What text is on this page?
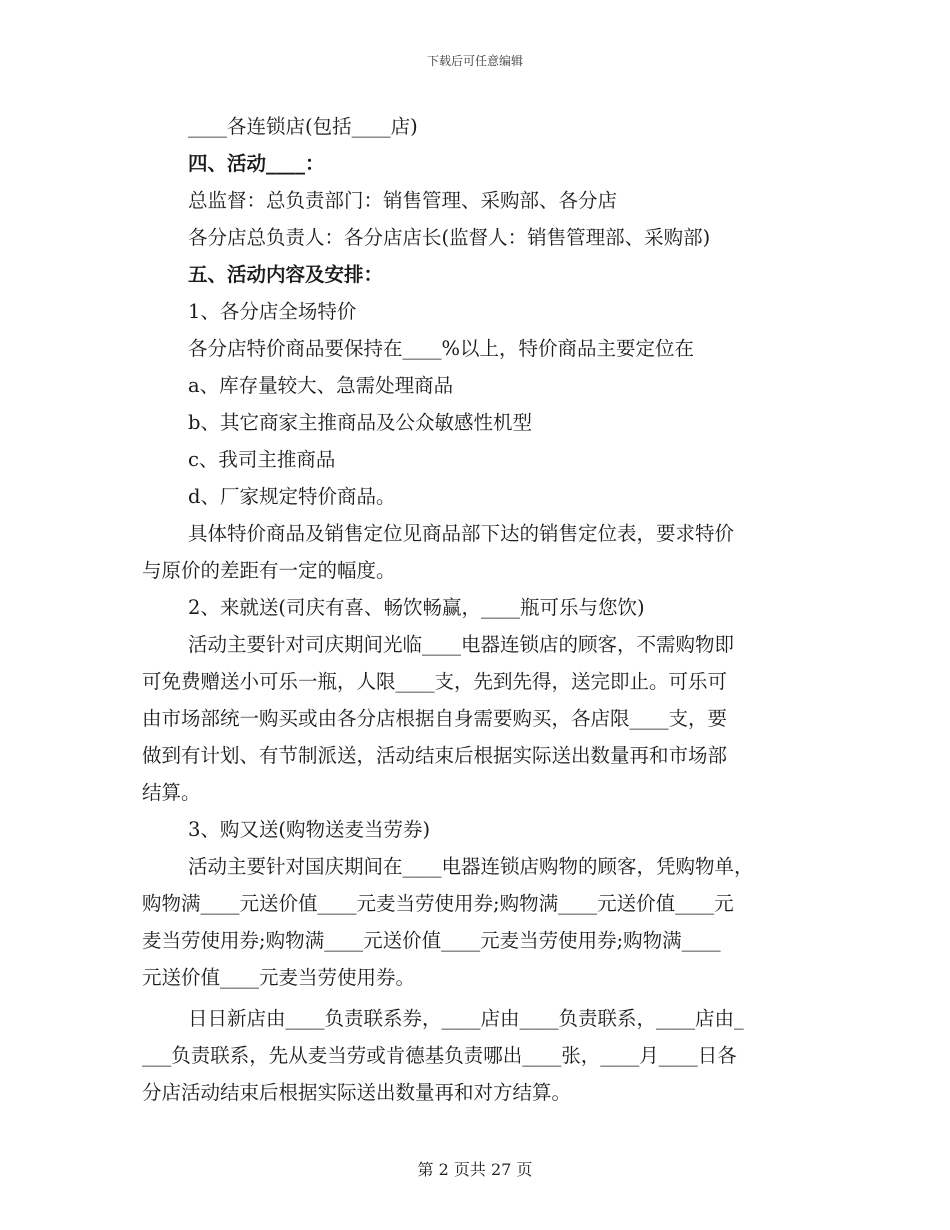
下载后可任意编辑
____各连锁店(包括____店)
四、活动____：
总监督：总负责部门：销售管理、采购部、各分店
各分店总负责人：各分店店长(监督人：销售管理部、采购部)
五、活动内容及安排：
1、各分店全场特价
各分店特价商品要保持在____%以上，特价商品主要定位在
a、库存量较大、急需处理商品
b、其它商家主推商品及公众敏感性机型
c、我司主推商品
d、厂家规定特价商品。
具体特价商品及销售定位见商品部下达的销售定位表，要求特价
与原价的差距有一定的幅度。
2、来就送(司庆有喜、畅饮畅赢，____瓶可乐与您饮)
活动主要针对司庆期间光临____电器连锁店的顾客，不需购物即
可免费赠送小可乐一瓶，人限____支，先到先得，送完即止。可乐可
由市场部统一购买或由各分店根据自身需要购买，各店限____支，要
做到有计划、有节制派送，活动结束后根据实际送出数量再和市场部
结算。
3、购又送(购物送麦当劳券)
活动主要针对国庆期间在____电器连锁店购物的顾客，凭购物单，
购物满____元送价值____元麦当劳使用券;购物满____元送价值____元
麦当劳使用券;购物满____元送价值____元麦当劳使用券;购物满____
元送价值____元麦当劳使用券。
日日新店由____负责联系券，____店由____负责联系，____店由_
___负责联系，先从麦当劳或肯德基负责哪出____张，____月____日各
分店活动结束后根据实际送出数量再和对方结算。
第 2 页共 27 页
